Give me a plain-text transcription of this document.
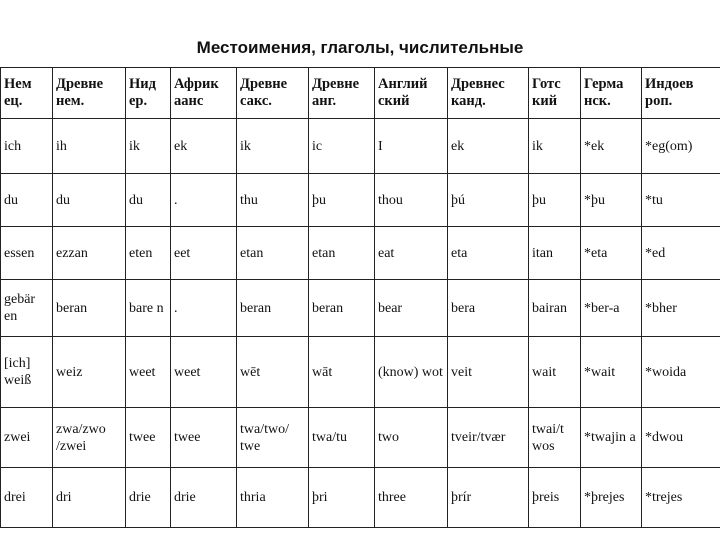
Местоимения, глаголы, числительные
Нем ец.	Древне нем.	Нид ер.	Африк аанс	Древне сакс.	Древне анг.	Англий ский	Древнес канд.	Готс кий	Герма нск.	Индоев роп.
ich	ih	ik	ek	ik	ic	I	ek	ik	*ek	*eg(om)
du	du	du	.	thu	þu	thou	þú	þu	*þu	*tu
essen	ezzan	eten	eet	etan	etan	eat	eta	itan	*eta	*ed
gebär en	beran	bare n	.	beran	beran	bear	bera	bairan	*ber-a	*bher
[ich] weiß	weiz	weet	weet	wēt	wāt	(know) wot	veit	wait	*wait	*woida
zwei	zwa/zwo /zwei	twee	twee	twa/two/ twe	twa/tu	two	tveir/tvær	twai/t wos	*twajin a	*dwou
drei	dri	drie	drie	thria	þri	three	þrír	þreis	*þrejes	*trejes
